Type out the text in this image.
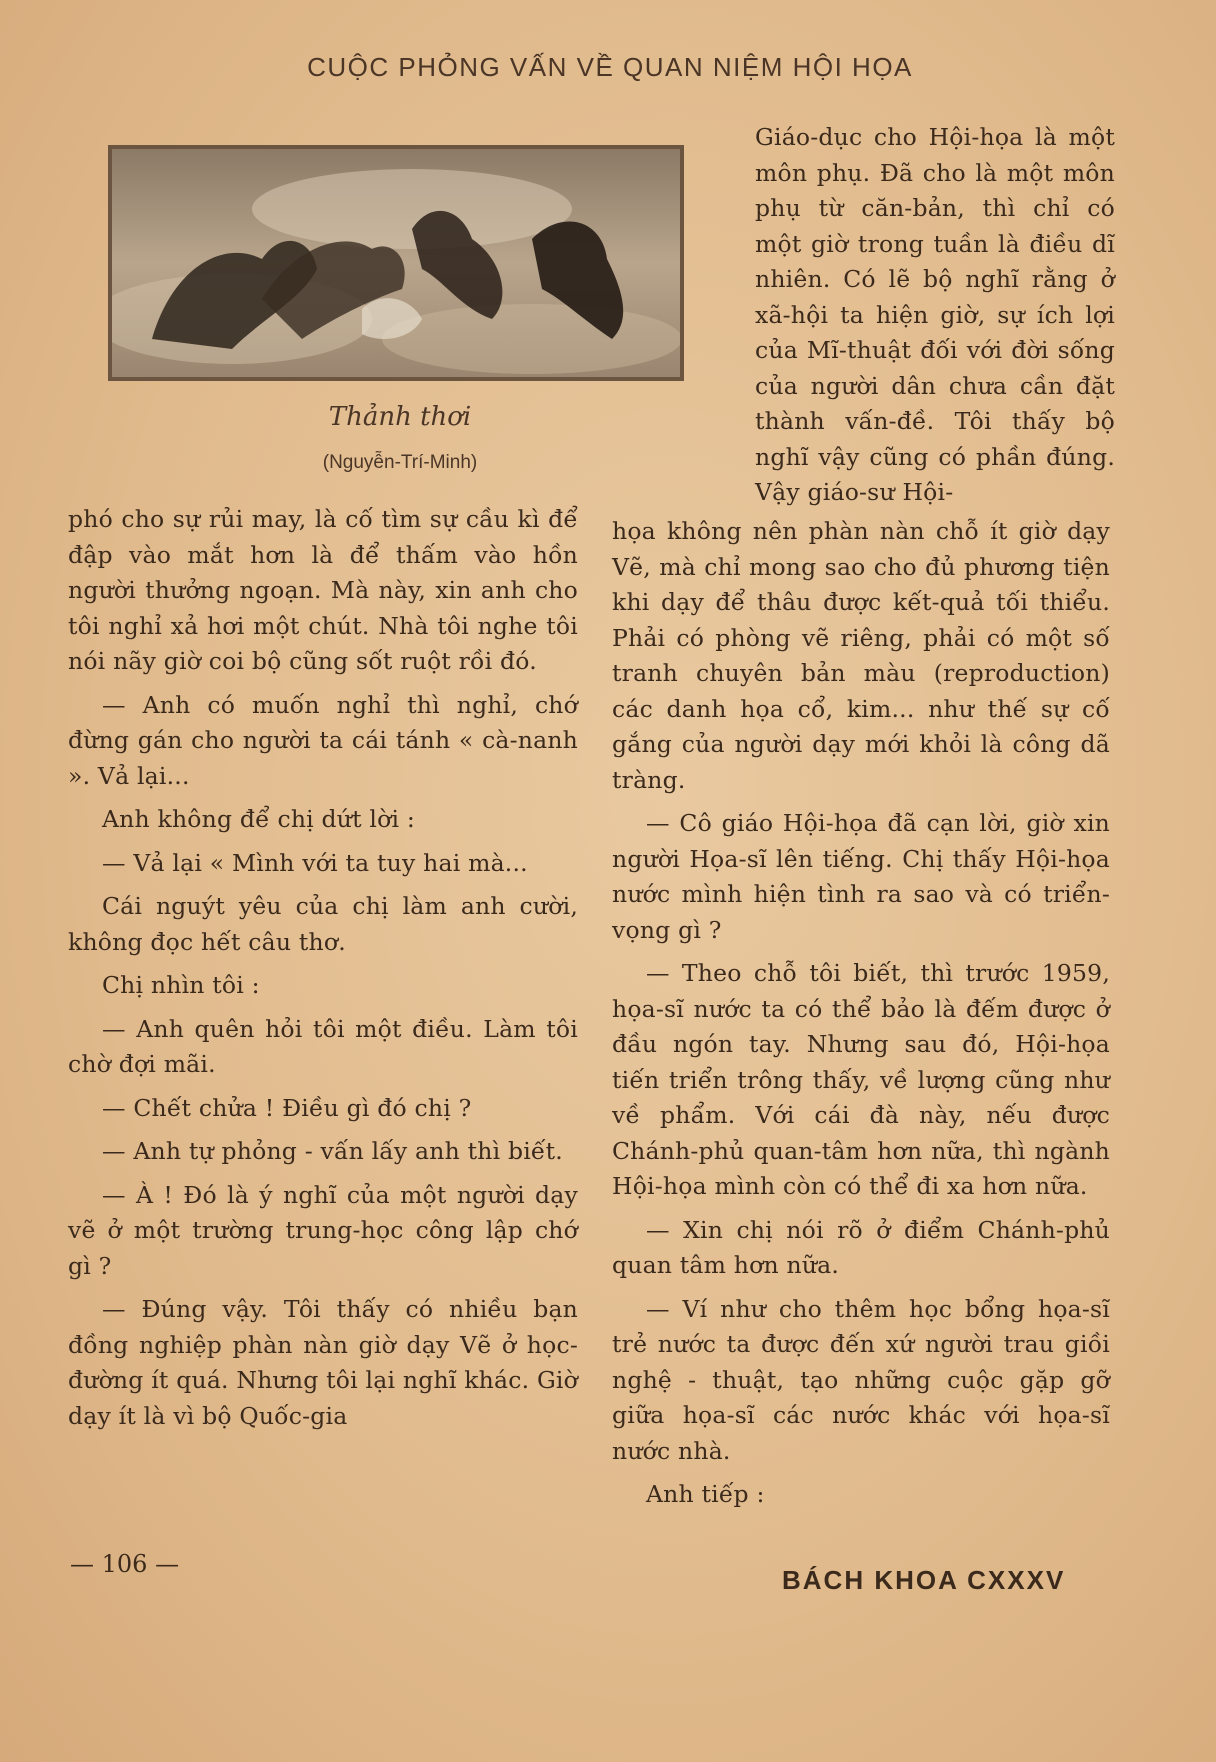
CUỘC PHỎNG VẤN VỀ QUAN NIỆM HỘI HỌA
Thảnh thơi
(Nguyễn-Trí-Minh)

Giáo-dục cho Hội-họa là một môn phụ. Đã cho là một môn phụ từ căn-bản, thì chỉ có một giờ trong tuần là điều dĩ nhiên. Có lẽ bộ nghĩ rằng ở xã-hội ta hiện giờ, sự ích lợi của Mĩ-thuật đối với đời sống của người dân chưa cần đặt thành vấn-đề. Tôi thấy bộ nghĩ vậy cũng có phần đúng. Vậy giáo-sư Hội-

phó cho sự rủi may, là cố tìm sự cầu kì để đập vào mắt hơn là để thấm vào hồn người thưởng ngoạn. Mà này, xin anh cho tôi nghỉ xả hơi một chút. Nhà tôi nghe tôi nói nãy giờ coi bộ cũng sốt ruột rồi đó.

— Anh có muốn nghỉ thì nghỉ, chớ đừng gán cho người ta cái tánh « cà-nanh ». Vả lại...

Anh không để chị dứt lời :

— Vả lại « Mình với ta tuy hai mà...

Cái nguýt yêu của chị làm anh cười, không đọc hết câu thơ.

Chị nhìn tôi :

— Anh quên hỏi tôi một điều. Làm tôi chờ đợi mãi.

— Chết chửa ! Điều gì đó chị ?

— Anh tự phỏng - vấn lấy anh thì biết.

— À ! Đó là ý nghĩ của một người dạy vẽ ở một trường trung-học công lập chớ gì ?

— Đúng vậy. Tôi thấy có nhiều bạn đồng nghiệp phàn nàn giờ dạy Vẽ ở học-đường ít quá. Nhưng tôi lại nghĩ khác. Giờ dạy ít là vì bộ Quốc-gia

họa không nên phàn nàn chỗ ít giờ dạy Vẽ, mà chỉ mong sao cho đủ phương tiện khi dạy để thâu được kết-quả tối thiểu. Phải có phòng vẽ riêng, phải có một số tranh chuyên bản màu (reproduction) các danh họa cổ, kim... như thế sự cố gắng của người dạy mới khỏi là công dã tràng.

— Cô giáo Hội-họa đã cạn lời, giờ xin người Họa-sĩ lên tiếng. Chị thấy Hội-họa nước mình hiện tình ra sao và có triển-vọng gì ?

— Theo chỗ tôi biết, thì trước 1959, họa-sĩ nước ta có thể bảo là đếm được ở đầu ngón tay. Nhưng sau đó, Hội-họa tiến triển trông thấy, về lượng cũng như về phẩm. Với cái đà này, nếu được Chánh-phủ quan-tâm hơn nữa, thì ngành Hội-họa mình còn có thể đi xa hơn nữa.

— Xin chị nói rõ ở điểm Chánh-phủ quan tâm hơn nữa.

— Ví như cho thêm học bổng họa-sĩ trẻ nước ta được đến xứ người trau giồi nghệ - thuật, tạo những cuộc gặp gỡ giữa họa-sĩ các nước khác với họa-sĩ nước nhà.

Anh tiếp :

— 106 —
BÁCH KHOA CXXXV
